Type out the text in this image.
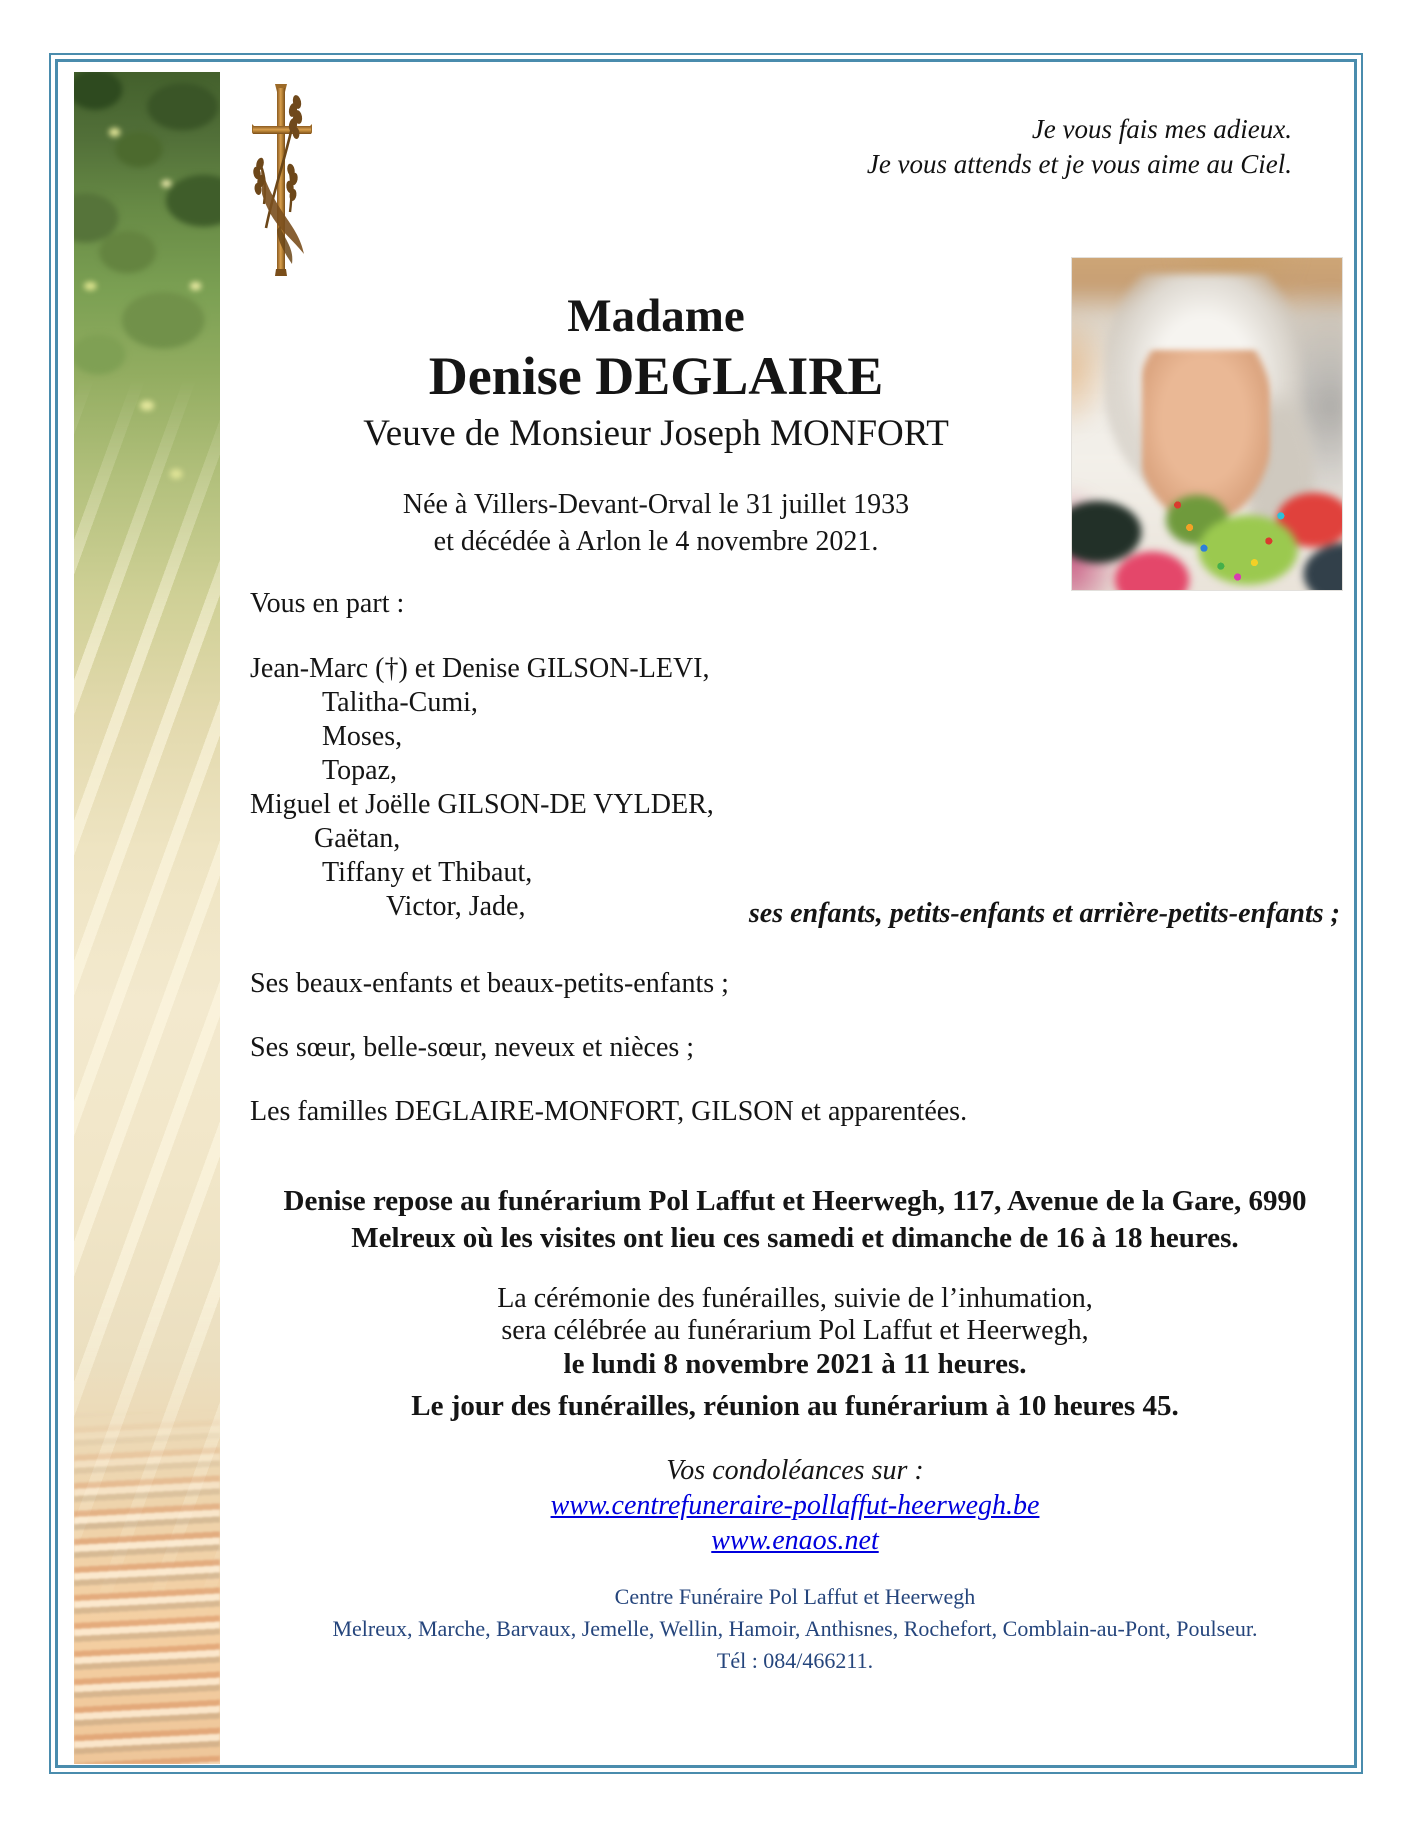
Je vous fais mes adieux.
Je vous attends et je vous aime au Ciel.
Madame
Denise DEGLAIRE
Veuve de Monsieur Joseph MONFORT
Née à Villers-Devant-Orval le 31 juillet 1933
et décédée à Arlon le 4 novembre 2021.
Vous en part :
Jean-Marc (†) et Denise GILSON-LEVI,
Talitha-Cumi,
Moses,
Topaz,
Miguel et Joëlle GILSON-DE VYLDER,
Gaëtan,
Tiffany et Thibaut,
Victor, Jade,	ses enfants, petits-enfants et arrière-petits-enfants ;
Ses beaux-enfants et beaux-petits-enfants ;
Ses sœur, belle-sœur, neveux et nièces ;
Les familles DEGLAIRE-MONFORT, GILSON et apparentées.
Denise repose au funérarium Pol Laffut et Heerwegh, 117, Avenue de la Gare, 6990
Melreux où les visites ont lieu ces samedi et dimanche de 16 à 18 heures.
La cérémonie des funérailles, suivie de l’inhumation,
sera célébrée au funérarium Pol Laffut et Heerwegh,
le lundi 8 novembre 2021 à 11 heures.
Le jour des funérailles, réunion au funérarium à 10 heures 45.
Vos condoléances sur :
www.centrefuneraire-pollaffut-heerwegh.be
www.enaos.net
Centre Funéraire Pol Laffut et Heerwegh
Melreux, Marche, Barvaux, Jemelle, Wellin, Hamoir, Anthisnes, Rochefort, Comblain-au-Pont, Poulseur.
Tél : 084/466211.
